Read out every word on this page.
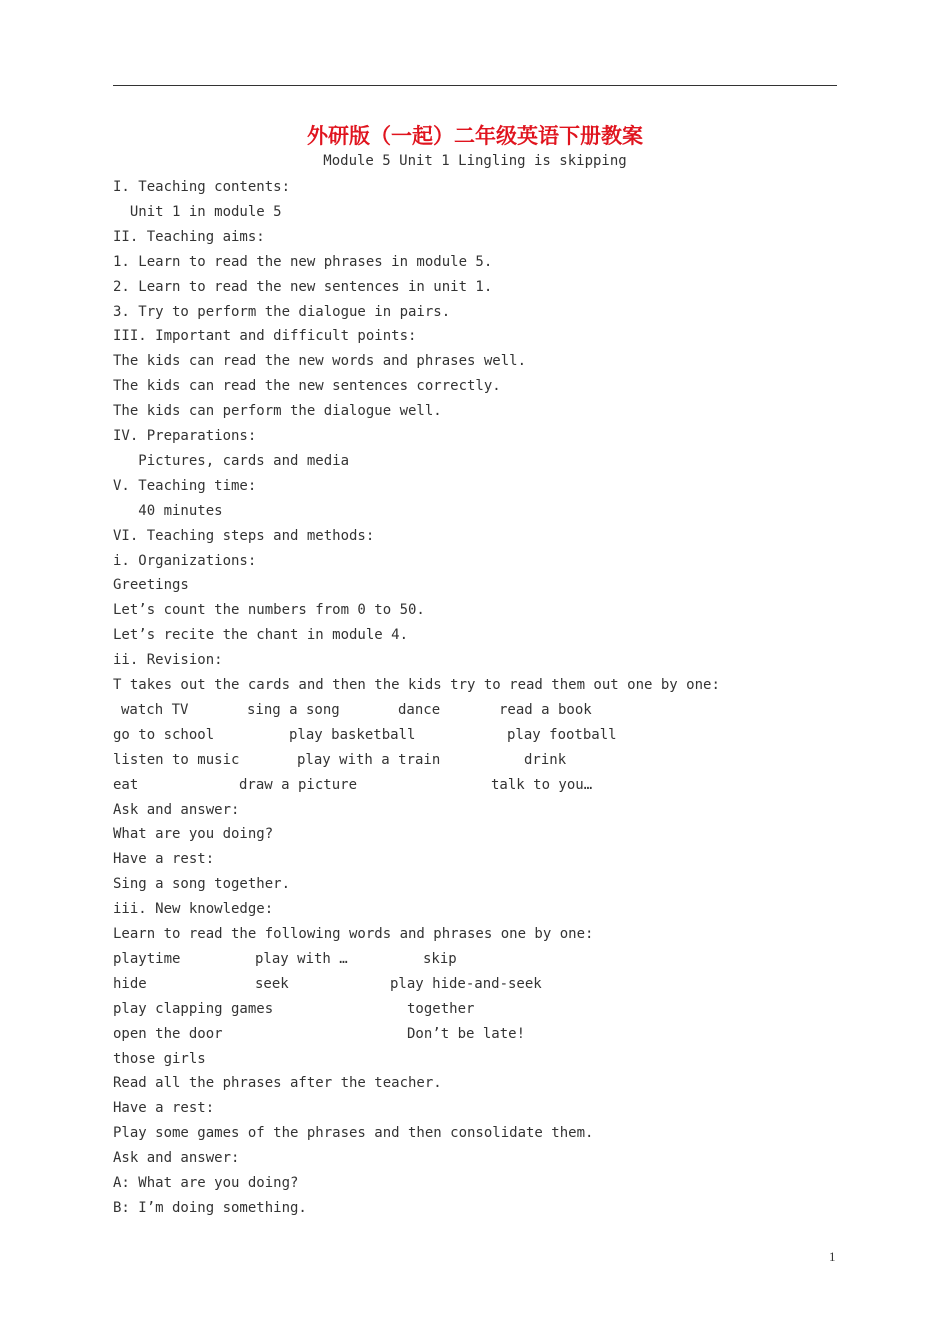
外研版（一起）二年级英语下册教案
Module 5 Unit 1 Lingling is skipping
I. Teaching contents:
Unit 1 in module 5
II. Teaching aims:
1. Learn to read the new phrases in module 5.
2. Learn to read the new sentences in unit 1.
3. Try to perform the dialogue in pairs.
III. Important and difficult points:
The kids can read the new words and phrases well.
The kids can read the new sentences correctly.
The kids can perform the dialogue well.
IV. Preparations:
Pictures, cards and media
V. Teaching time:
40 minutes
VI. Teaching steps and methods:
i. Organizations:
Greetings
Let’s count the numbers from 0 to 50.
Let’s recite the chant in module 4.
ii. Revision:
T takes out the cards and then the kids try to read them out one by one:
watch TV	sing a song	dance	read a book
go to school	play basketball	play football
listen to music	play with a train	drink
eat	draw a picture	talk to you…
Ask and answer:
What are you doing?
Have a rest:
Sing a song together.
iii. New knowledge:
Learn to read the following words and phrases one by one:
playtime	play with …	skip
hide	seek	play hide-and-seek
play clapping games	together
open the door	Don’t be late!
those girls
Read all the phrases after the teacher.
Have a rest:
Play some games of the phrases and then consolidate them.
Ask and answer:
A: What are you doing?
B: I’m doing something.
1
